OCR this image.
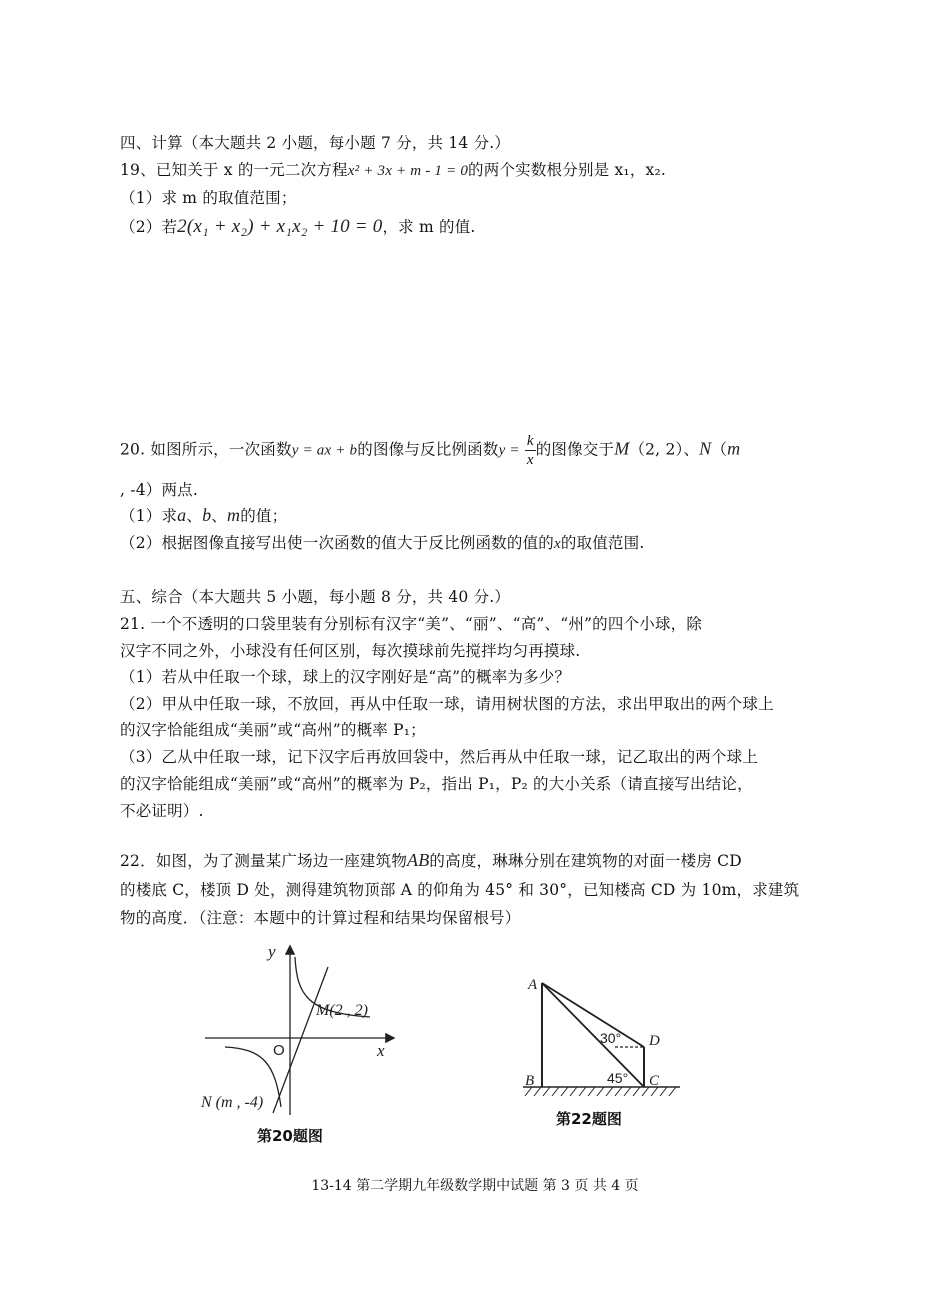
四、计算（本大题共 2 小题，每小题 7 分，共 14 分.）
19、已知关于 x 的一元二次方程x² + 3x + m - 1 = 0的两个实数根分别是 x₁，x₂.
（1）求 m 的取值范围；
（2）若2(x₁ + x₂) + x₁x₂ + 10 = 0，求 m 的值.
20. 如图所示，一次函数y = ax + b的图像与反比例函数$y = \frac{k}{x}$ 的图像交于M（2, 2）、N（m
, -4）两点.
（1）求a、b、m的值；
（2）根据图像直接写出使一次函数的值大于反比例函数的值的x的取值范围.
五、综合（本大题共 5 小题，每小题 8 分，共 40 分.）
21. 一个不透明的口袋里装有分别标有汉字“美”、“丽”、“高”、“州”的四个小球，除
汉字不同之外，小球没有任何区别，每次摸球前先搅拌均匀再摸球.
（1）若从中任取一个球，球上的汉字刚好是“高”的概率为多少？
（2）甲从中任取一球，不放回，再从中任取一球，请用树状图的方法，求出甲取出的两个球上
的汉字恰能组成“美丽”或“高州”的概率 P₁；
（3）乙从中任取一球，记下汉字后再放回袋中，然后再从中任取一球，记乙取出的两个球上
的汉字恰能组成“美丽”或“高州”的概率为 P₂，指出 P₁，P₂ 的大小关系（请直接写出结论，
不必证明）.
22．如图，为了测量某广场边一座建筑物AB的高度，琳琳分别在建筑物的对面一楼房 CD
的楼底 C，楼顶 D 处，测得建筑物顶部 A 的仰角为 45° 和 30°，已知楼高 CD 为 10m，求建筑
物的高度．（注意：本题中的计算过程和结果均保留根号）
y
x
O
M(2 , 2)
N (m , -4)
第20题图
A
B	C
D
30°
45°
第22题图
13-14 第二学期九年级数学期中试题 第 3 页 共 4 页
